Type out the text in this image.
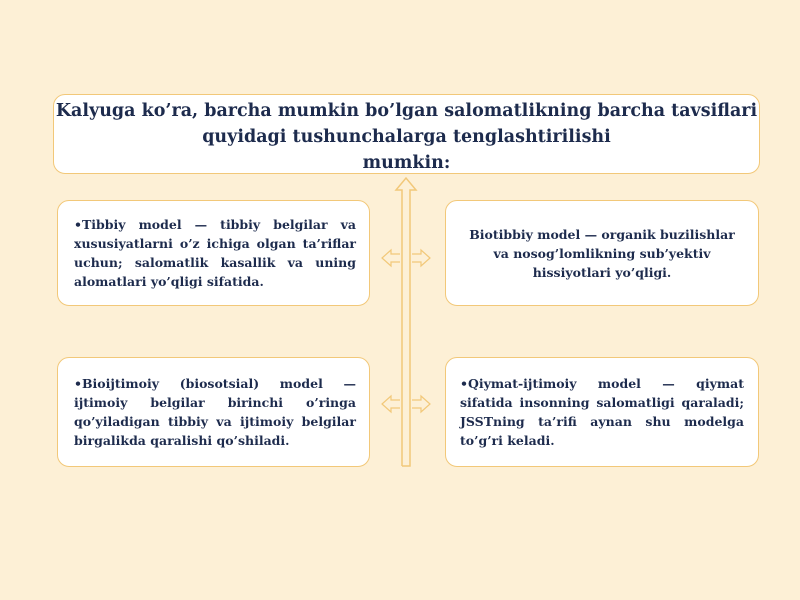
Kalyuga ko’ra, barcha mumkin bo’lgan salomatlikning barcha tavsiflari
quyidagi tushunchalarga tenglashtirilishi
mumkin:
•Tibbiy model — tibbiy belgilar va xususiyatlarni o’z ichiga olgan ta’riflar uchun; salomatlik kasallik va uning alomatlari yo’qligi sifatida.
Biotibbiy model — organik buzilishlar va nosog’lomlikning sub’yektiv hissiyotlari yo’qligi.
•Bioijtimoiy (biosotsial) model — ijtimoiy belgilar birinchi o’ringa qo’yiladigan tibbiy va ijtimoiy belgilar birgalikda qaralishi qo’shiladi.
•Qiymat-ijtimoiy model — qiymat sifatida insonning salomatligi qaraladi; JSSTning ta’rifi aynan shu modelga to’g’ri keladi.
